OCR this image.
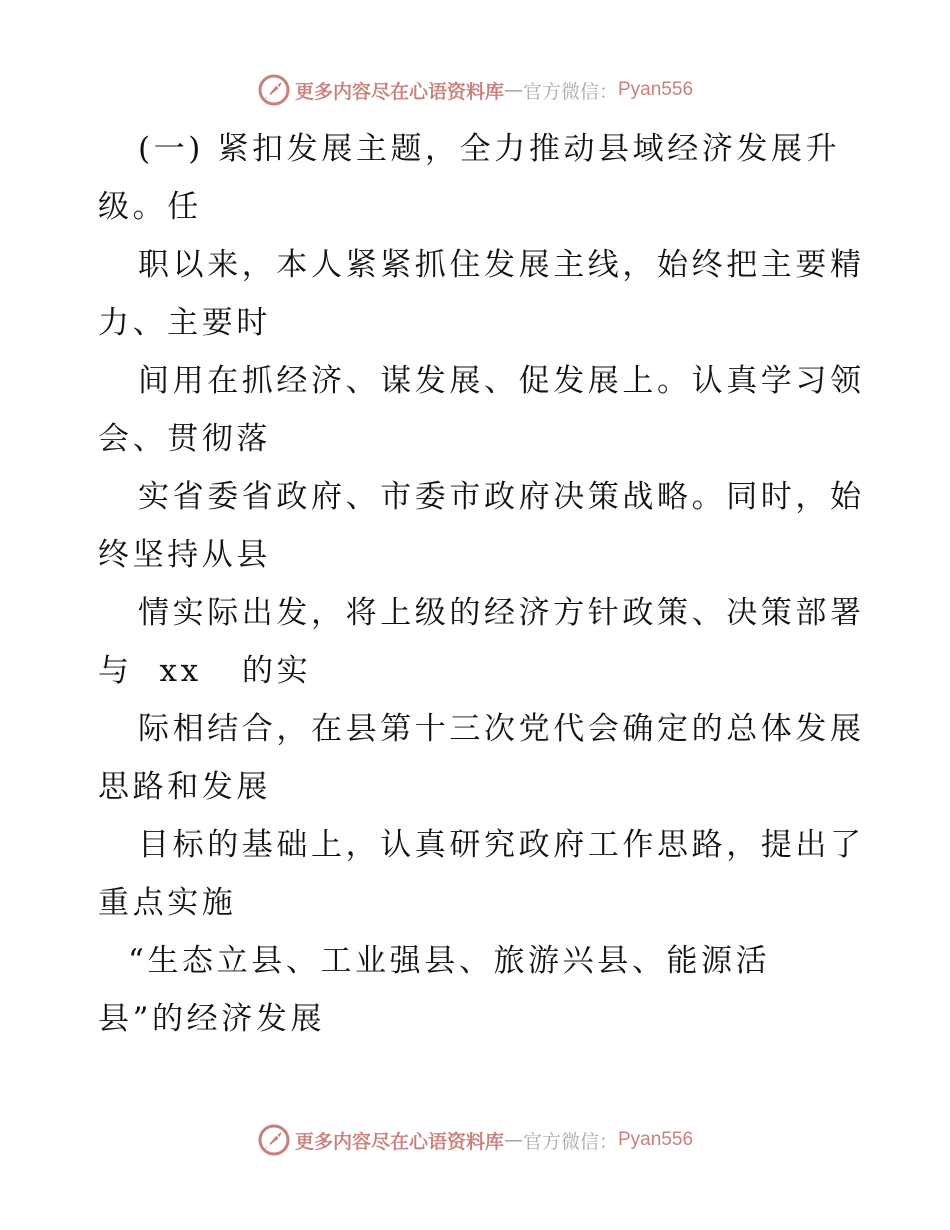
更多内容尽在心语资料库 — 官方微信： Pyan556
(一) 紧扣发展主题，全力推动县域经济发展升
级。任
职以来，本人紧紧抓住发展主线，始终把主要精
力、主要时
间用在抓经济、谋发展、促发展上。认真学习领
会、贯彻落
实省委省政府、市委市政府决策战略。同时，始
终坚持从县
情实际出发，将上级的经济方针政策、决策部署
与  xx   的实
际相结合，在县第十三次党代会确定的总体发展
思路和发展
目标的基础上，认真研究政府工作思路，提出了
重点实施
“生态立县、工业强县、旅游兴县、能源活
县”的经济发展
更多内容尽在心语资料库 — 官方微信： Pyan556
